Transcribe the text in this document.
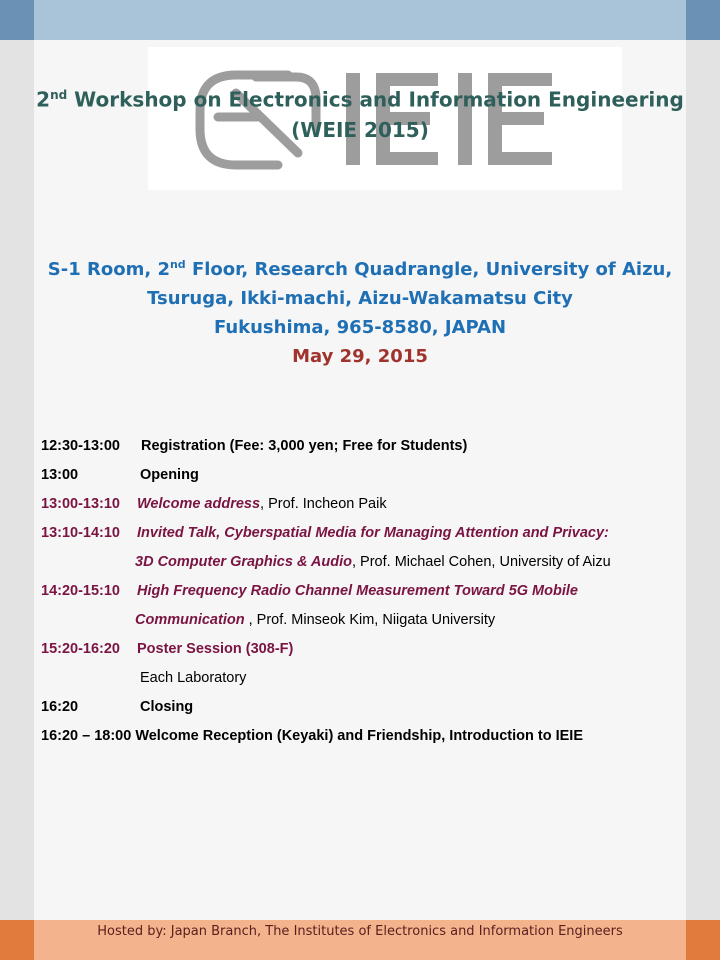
2nd Workshop on Electronics and Information Engineering
(WEIE 2015)
S-1 Room, 2nd Floor, Research Quadrangle, University of Aizu,
Tsuruga, Ikki-machi, Aizu-Wakamatsu City
Fukushima, 965-8580, JAPAN
May 29, 2015
12:30-13:00 Registration (Fee: 3,000 yen; Free for Students)
13:00	Opening
13:00-13:10 Welcome address, Prof. Incheon Paik
13:10-14:10 Invited Talk, Cyberspatial Media for Managing Attention and Privacy:
3D Computer Graphics & Audio, Prof. Michael Cohen, University of Aizu
14:20-15:10 High Frequency Radio Channel Measurement Toward 5G Mobile
Communication , Prof. Minseok Kim, Niigata University
15:20-16:20 Poster Session (308-F)
Each Laboratory
16:20	Closing
16:20 – 18:00 Welcome Reception (Keyaki) and Friendship, Introduction to IEIE
Hosted by: Japan Branch, The Institutes of Electronics and Information Engineers
